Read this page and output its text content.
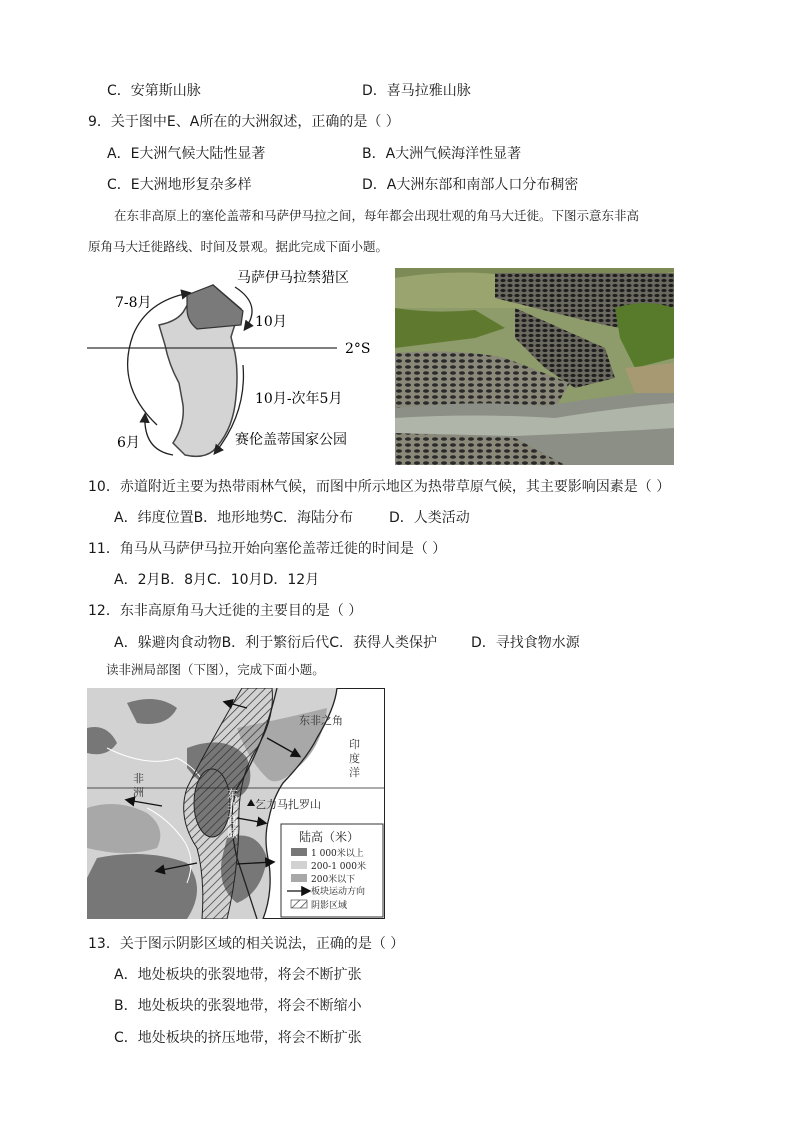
C．安第斯山脉	D．喜马拉雅山脉
9．关于图中E、A所在的大洲叙述，正确的是（ ）
A．E大洲气候大陆性显著	B．A大洲气候海洋性显著
C．E大洲地形复杂多样	D．A大洲东部和南部人口分布稠密
在东非高原上的塞伦盖蒂和马萨伊马拉之间，每年都会出现壮观的角马大迁徙。下图示意东非高
原角马大迁徙路线、时间及景观。据此完成下面小题。
马萨伊马拉禁猎区
7-8月
10月
2°S
10月-次年5月
6月	赛伦盖蒂国家公园
10．赤道附近主要为热带雨林气候，而图中所示地区为热带草原气候，其主要影响因素是（ ）
A．纬度位置B．地形地势C．海陆分布	D．人类活动
11．角马从马萨伊马拉开始向塞伦盖蒂迁徙的时间是（ ）
A．2月B．8月C．10月D．12月
12．东非高原角马大迁徙的主要目的是（ ）
A．躲避肉食动物B．利于繁衍后代C．获得人类保护 D．寻找食物水源
读非洲局部图（下图），完成下面小题。
东非之角
印
度
洋
非
洲	东
非
高
原
乞力马扎罗山
陆高（米）
1 000米以上
200-1 000米
200米以下
板块运动方向
阴影区域
13．关于图示阴影区域的相关说法，正确的是（ ）
A．地处板块的张裂地带，将会不断扩张
B．地处板块的张裂地带，将会不断缩小
C．地处板块的挤压地带，将会不断扩张
